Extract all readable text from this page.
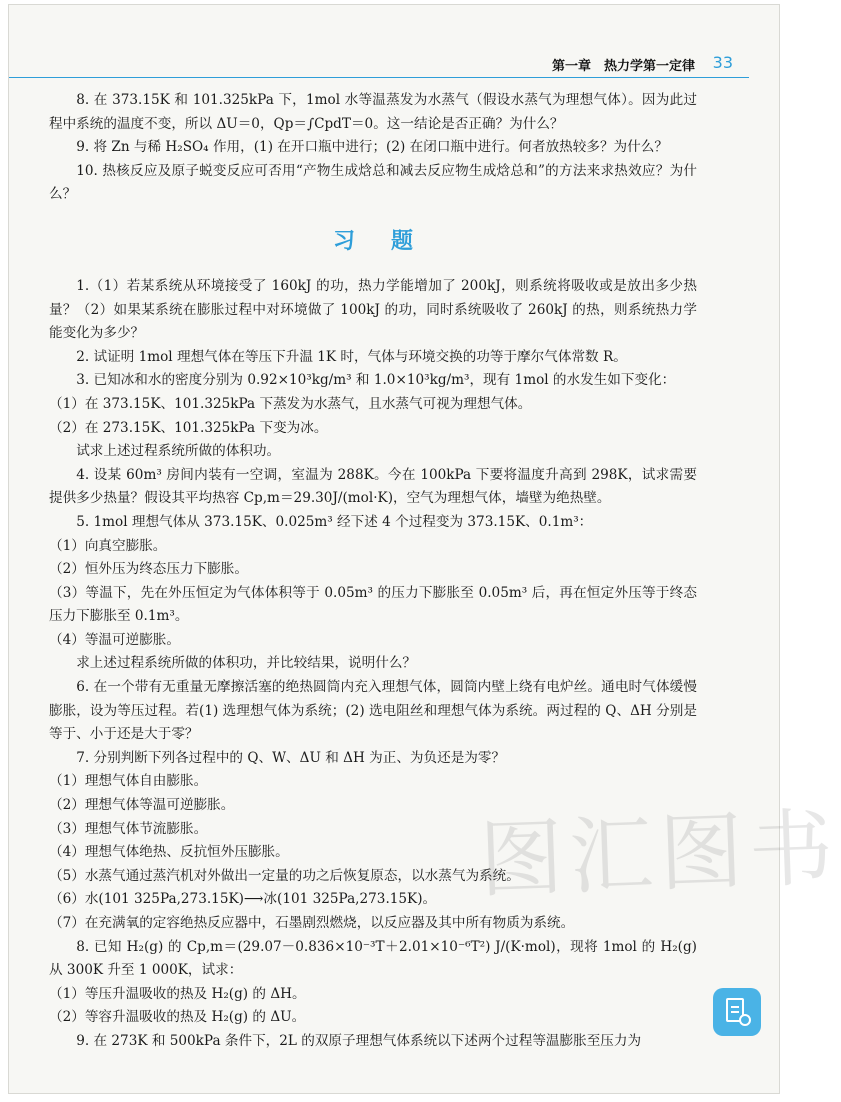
第一章　热力学第一定律 33

8. 在 373.15K 和 101.325kPa 下，1mol 水等温蒸发为水蒸气（假设水蒸气为理想气体）。因为此过程中系统的温度不变，所以 ΔU＝0，Qp＝∫CpdT＝0。这一结论是否正确？为什么？

9. 将 Zn 与稀 H₂SO₄ 作用，(1) 在开口瓶中进行；(2) 在闭口瓶中进行。何者放热较多？为什么？

10. 热核反应及原子蜕变反应可否用“产物生成焓总和减去反应物生成焓总和”的方法来求热效应？为什么？

习题

1.（1）若某系统从环境接受了 160kJ 的功，热力学能增加了 200kJ，则系统将吸收或是放出多少热量？（2）如果某系统在膨胀过程中对环境做了 100kJ 的功，同时系统吸收了 260kJ 的热，则系统热力学能变化为多少？

2. 试证明 1mol 理想气体在等压下升温 1K 时，气体与环境交换的功等于摩尔气体常数 R。

3. 已知冰和水的密度分别为 0.92×10³kg/m³ 和 1.0×10³kg/m³，现有 1mol 的水发生如下变化：

（1）在 373.15K、101.325kPa 下蒸发为水蒸气，且水蒸气可视为理想气体。

（2）在 273.15K、101.325kPa 下变为冰。

试求上述过程系统所做的体积功。

4. 设某 60m³ 房间内装有一空调，室温为 288K。今在 100kPa 下要将温度升高到 298K，试求需要提供多少热量？假设其平均热容 Cp,m＝29.30J/(mol·K)，空气为理想气体，墙壁为绝热壁。

5. 1mol 理想气体从 373.15K、0.025m³ 经下述 4 个过程变为 373.15K、0.1m³：

（1）向真空膨胀。

（2）恒外压为终态压力下膨胀。

（3）等温下，先在外压恒定为气体体积等于 0.05m³ 的压力下膨胀至 0.05m³ 后，再在恒定外压等于终态压力下膨胀至 0.1m³。

（4）等温可逆膨胀。

求上述过程系统所做的体积功，并比较结果，说明什么？

6. 在一个带有无重量无摩擦活塞的绝热圆筒内充入理想气体，圆筒内壁上绕有电炉丝。通电时气体缓慢膨胀，设为等压过程。若(1) 选理想气体为系统；(2) 选电阻丝和理想气体为系统。两过程的 Q、ΔH 分别是等于、小于还是大于零？

7. 分别判断下列各过程中的 Q、W、ΔU 和 ΔH 为正、为负还是为零？

（1）理想气体自由膨胀。

（2）理想气体等温可逆膨胀。

（3）理想气体节流膨胀。

（4）理想气体绝热、反抗恒外压膨胀。

（5）水蒸气通过蒸汽机对外做出一定量的功之后恢复原态，以水蒸气为系统。

（6）水(101 325Pa,273.15K)⟶冰(101 325Pa,273.15K)。

（7）在充满氧的定容绝热反应器中，石墨剧烈燃烧，以反应器及其中所有物质为系统。

8. 已知 H₂(g) 的 Cp,m＝(29.07－0.836×10⁻³T＋2.01×10⁻⁶T²) J/(K·mol)，现将 1mol 的 H₂(g) 从 300K 升至 1 000K，试求：

（1）等压升温吸收的热及 H₂(g) 的 ΔH。

（2）等容升温吸收的热及 H₂(g) 的 ΔU。

9. 在 273K 和 500kPa 条件下，2L 的双原子理想气体系统以下述两个过程等温膨胀至压力为

图汇图书
